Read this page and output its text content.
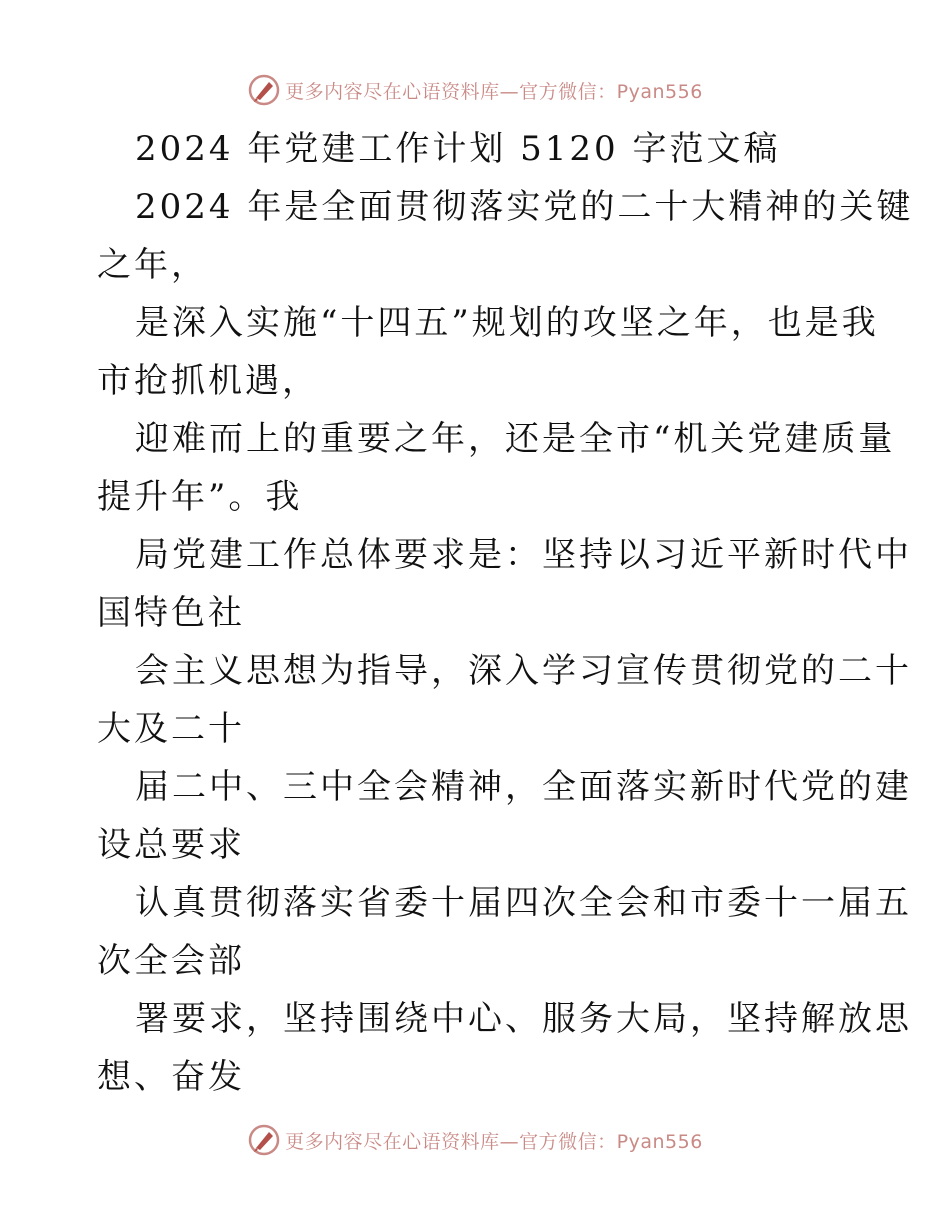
更多内容尽在心语资料库—官方微信：Pyan556
2024 年党建工作计划 5120 字范文稿
2024 年是全面贯彻落实党的二十大精神的关键
之年，
是深入实施“十四五”规划的攻坚之年，也是我
市抢抓机遇，
迎难而上的重要之年，还是全市“机关党建质量
提升年”。我
局党建工作总体要求是：坚持以习近平新时代中
国特色社
会主义思想为指导，深入学习宣传贯彻党的二十
大及二十
届二中、三中全会精神，全面落实新时代党的建
设总要求
认真贯彻落实省委十届四次全会和市委十一届五
次全会部
署要求，坚持围绕中心、服务大局，坚持解放思
想、奋发
更多内容尽在心语资料库—官方微信：Pyan556
